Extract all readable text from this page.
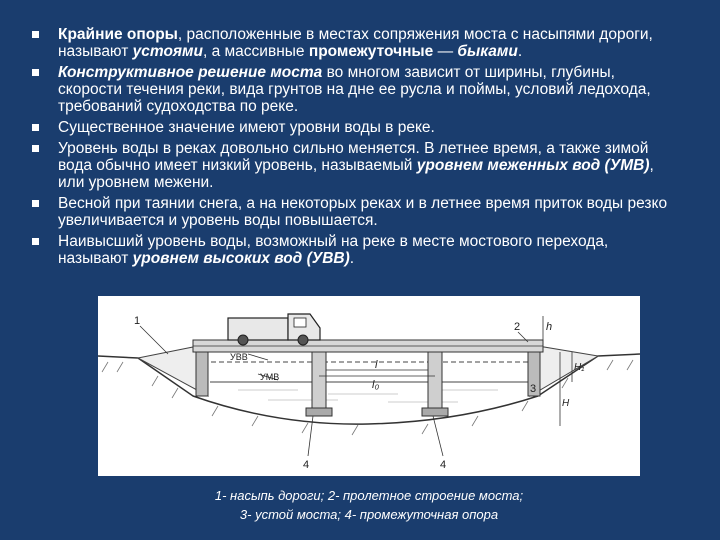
Крайние опоры, расположенные в местах сопряжения моста с насыпями дороги, называют устоями, а массивные промежуточные — быками.
Конструктивное решение моста во многом зависит от ширины, глубины, скорости течения реки, вида грунтов на дне ее русла и поймы, условий ледохода, требований судоходства по реке.
Существенное значение имеют уровни воды в реке.
Уровень воды в реках довольно сильно меняется. В летнее время, а также зимой вода обычно имеет низкий уровень, называемый уровнем меженных вод (УМВ), или уровнем межени.
Весной при таянии снега, а на некоторых реках и в летнее время приток воды резко увеличивается и уровень воды повышается.
Наивысший уровень воды, возможный на реке в месте мостового перехода, называют уровнем высоких вод (УВВ).
1	2
3
4	4
УВВ
УМВ
l
l₀
h
H₁
H
1- насыпь дороги; 2- пролетное строение моста;
3- устой моста; 4- промежуточная опора
